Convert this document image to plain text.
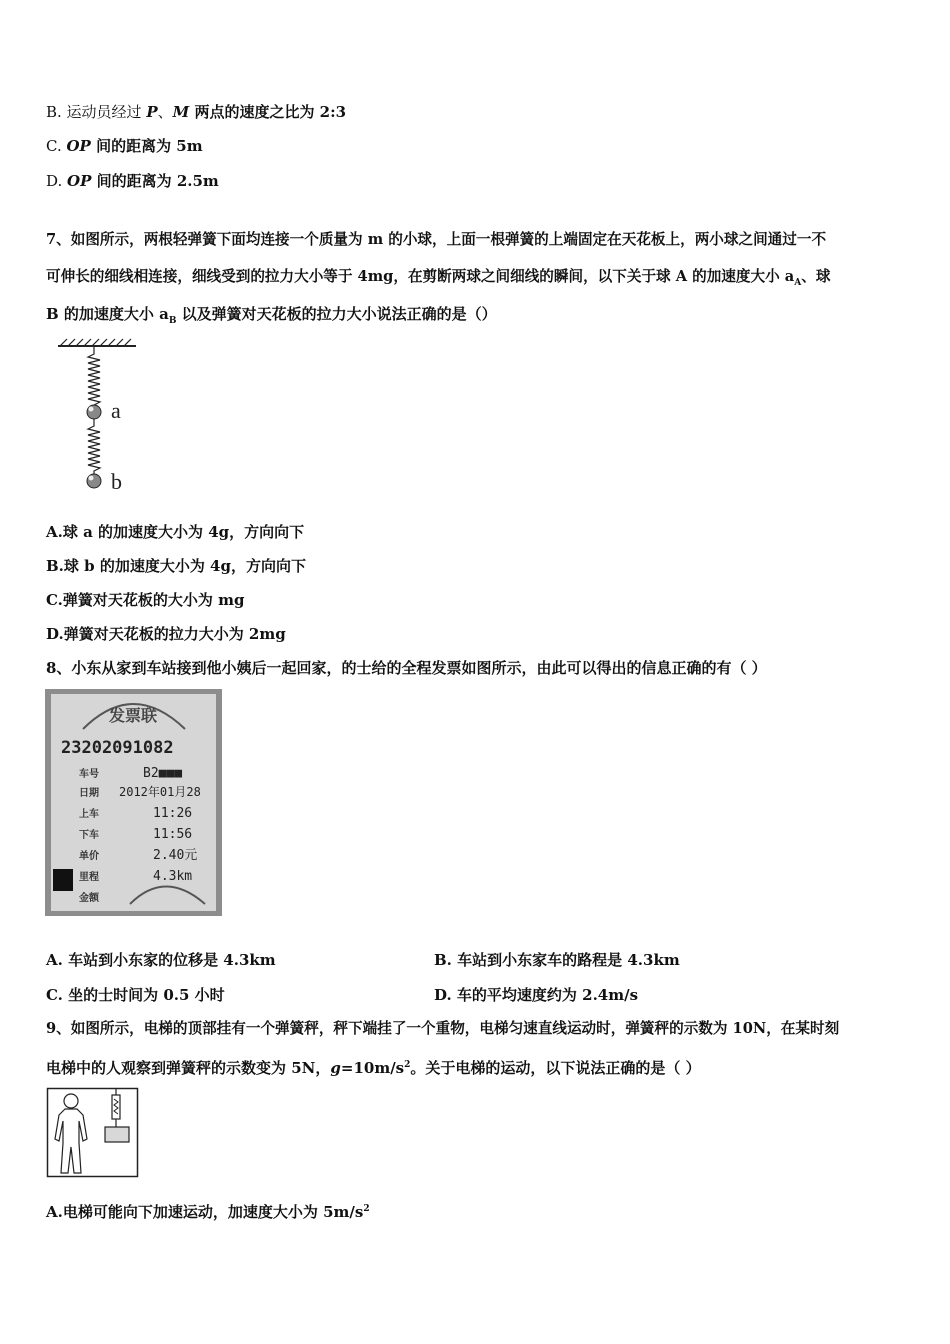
B. 运动员经过 P、M 两点的速度之比为 2:3
C. OP 间的距离为 5m
D. OP 间的距离为 2.5m
7、如图所示，两根轻弹簧下面均连接一个质量为 m 的小球，上面一根弹簧的上端固定在天花板上，两小球之间通过一不
可伸长的细线相连接，细线受到的拉力大小等于 4mg，在剪断两球之间细线的瞬间，以下关于球 A 的加速度大小 $a_A$、球
B 的加速度大小 $a_B$ 以及弹簧对天花板的拉力大小说法正确的是（）
a
b
A.球 a 的加速度大小为 4g，方向向下
B.球 b 的加速度大小为 4g，方向向下
C.弹簧对天花板的大小为 mg
D.弹簧对天花板的拉力大小为 2mg
8、小东从家到车站接到他小姨后一起回家，的士给的全程发票如图所示，由此可以得出的信息正确的有（ ）
发票联
23202091082
车号
日期
上车
下车
单价
里程
金额
B2■■■
2012年01月28
11:26
11:56
2.40元
4.3km
A. 车站到小东家的位移是 4.3km	B. 车站到小东家车的路程是 4.3km
C. 坐的士时间为 0.5 小时	D. 车的平均速度约为 2.4m/s
9、如图所示，电梯的顶部挂有一个弹簧秤，秤下端挂了一个重物，电梯匀速直线运动时，弹簧秤的示数为 10N，在某时刻
电梯中的人观察到弹簧秤的示数变为 5N，$g=10m/s^2$。关于电梯的运动，以下说法正确的是（ ）
A.电梯可能向下加速运动，加速度大小为 $5m/s^2$
